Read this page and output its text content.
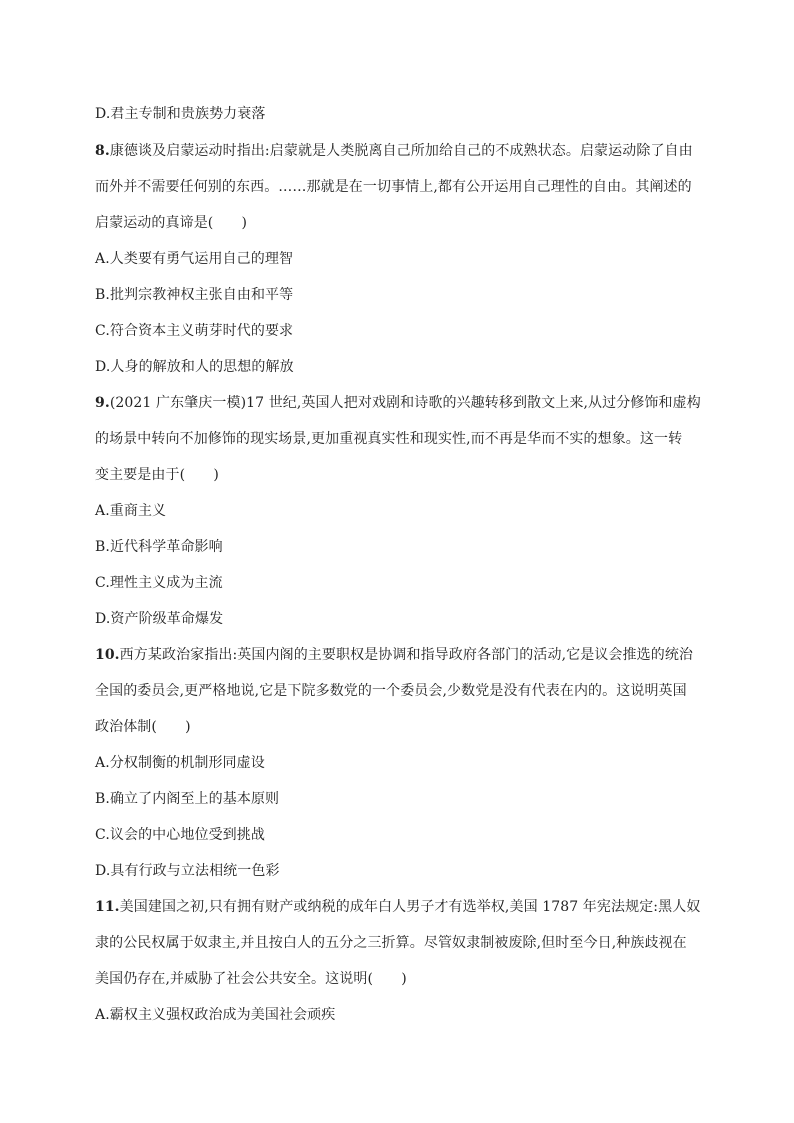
D.君主专制和贵族势力衰落
8.康德谈及启蒙运动时指出:启蒙就是人类脱离自己所加给自己的不成熟状态。启蒙运动除了自由
而外并不需要任何别的东西。……那就是在一切事情上,都有公开运用自己理性的自由。其阐述的
启蒙运动的真谛是(　　)
A.人类要有勇气运用自己的理智
B.批判宗教神权主张自由和平等
C.符合资本主义萌芽时代的要求
D.人身的解放和人的思想的解放
9.(2021 广东肇庆一模)17 世纪,英国人把对戏剧和诗歌的兴趣转移到散文上来,从过分修饰和虚构
的场景中转向不加修饰的现实场景,更加重视真实性和现实性,而不再是华而不实的想象。这一转
变主要是由于(　　)
A.重商主义
B.近代科学革命影响
C.理性主义成为主流
D.资产阶级革命爆发
10.西方某政治家指出:英国内阁的主要职权是协调和指导政府各部门的活动,它是议会推选的统治
全国的委员会,更严格地说,它是下院多数党的一个委员会,少数党是没有代表在内的。这说明英国
政治体制(　　)
A.分权制衡的机制形同虚设
B.确立了内阁至上的基本原则
C.议会的中心地位受到挑战
D.具有行政与立法相统一色彩
11.美国建国之初,只有拥有财产或纳税的成年白人男子才有选举权,美国 1787 年宪法规定:黑人奴
隶的公民权属于奴隶主,并且按白人的五分之三折算。尽管奴隶制被废除,但时至今日,种族歧视在
美国仍存在,并威胁了社会公共安全。这说明(　　)
A.霸权主义强权政治成为美国社会顽疾
